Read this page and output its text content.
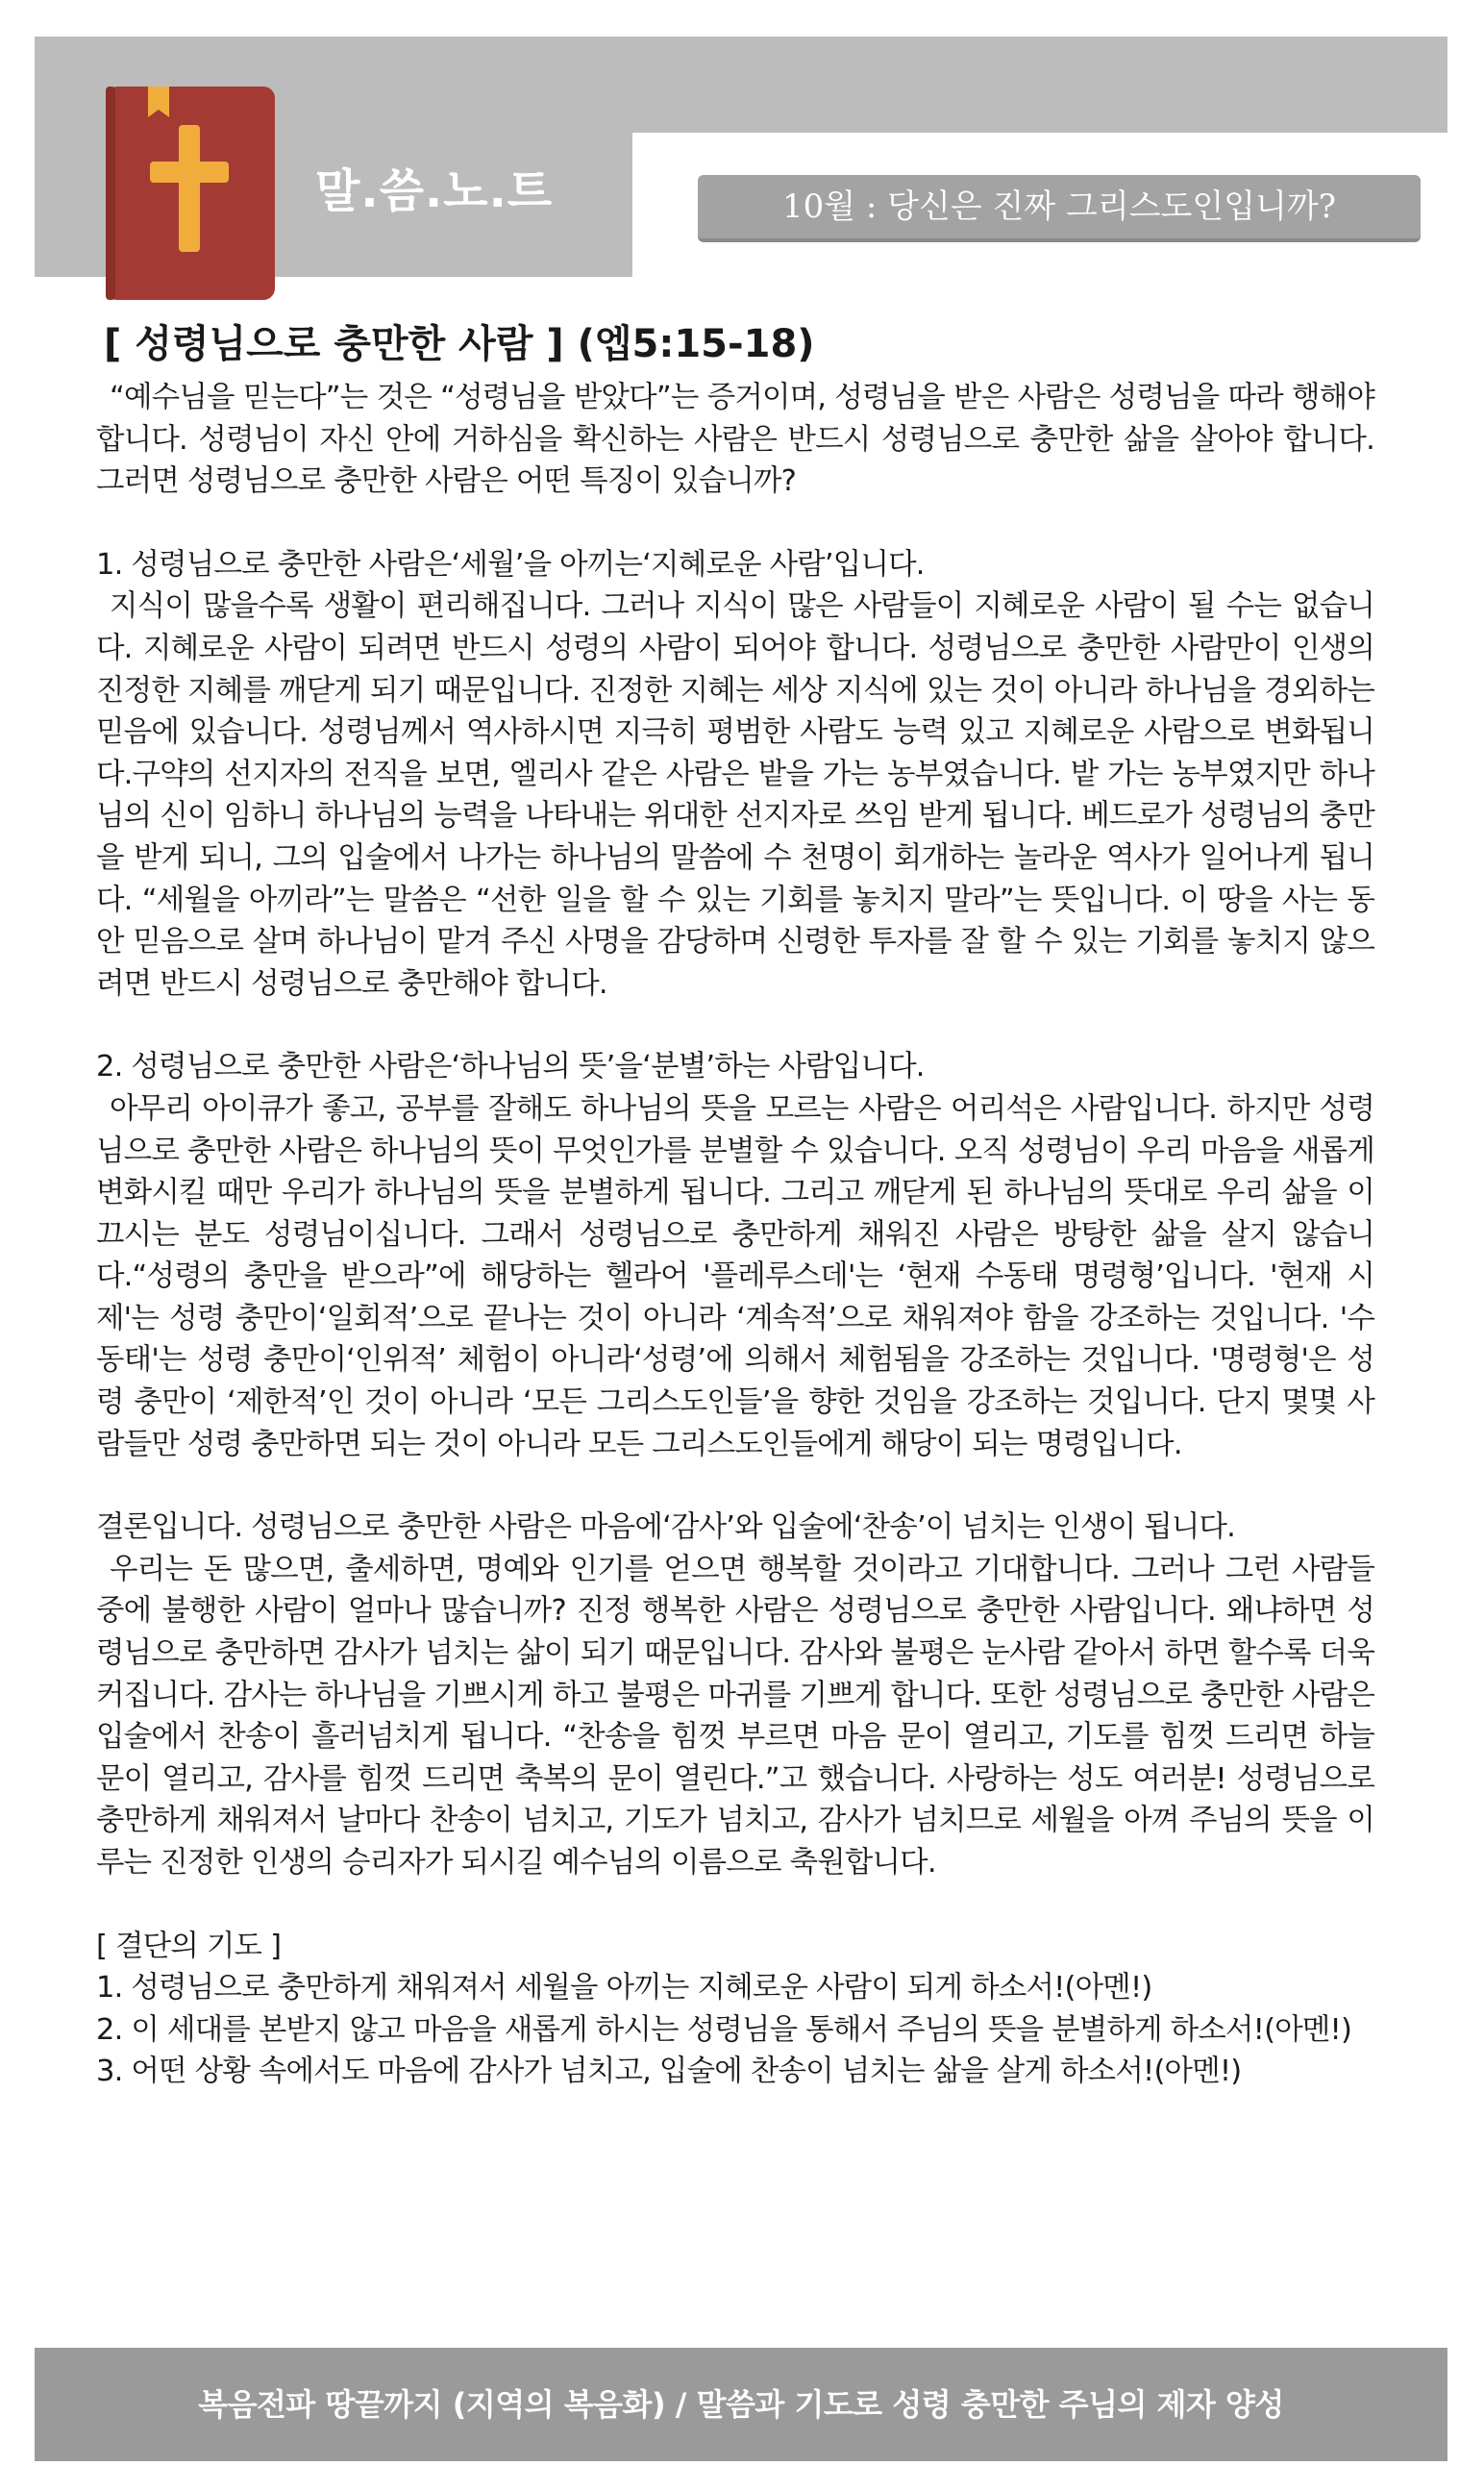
말.씀.노.트	10월 : 당신은 진짜 그리스도인입니까?
[ 성령님으로 충만한 사람 ] (엡5:15-18)

“예수님을 믿는다”는 것은 “성령님을 받았다”는 증거이며, 성령님을 받은 사람은 성령님을 따라 행해야 합니다. 성령님이 자신 안에 거하심을 확신하는 사람은 반드시 성령님으로 충만한 삶을 살아야 합니다. 그러면 성령님으로 충만한 사람은 어떤 특징이 있습니까?

1. 성령님으로 충만한 사람은‘세월’을 아끼는‘지혜로운 사람’입니다.

지식이 많을수록 생활이 편리해집니다. 그러나 지식이 많은 사람들이 지혜로운 사람이 될 수는 없습니다. 지혜로운 사람이 되려면 반드시 성령의 사람이 되어야 합니다. 성령님으로 충만한 사람만이 인생의 진정한 지혜를 깨닫게 되기 때문입니다. 진정한 지혜는 세상 지식에 있는 것이 아니라 하나님을 경외하는 믿음에 있습니다. 성령님께서 역사하시면 지극히 평범한 사람도 능력 있고 지혜로운 사람으로 변화됩니다.구약의 선지자의 전직을 보면, 엘리사 같은 사람은 밭을 가는 농부였습니다. 밭 가는 농부였지만 하나님의 신이 임하니 하나님의 능력을 나타내는 위대한 선지자로 쓰임 받게 됩니다. 베드로가 성령님의 충만을 받게 되니, 그의 입술에서 나가는 하나님의 말씀에 수 천명이 회개하는 놀라운 역사가 일어나게 됩니다. “세월을 아끼라”는 말씀은 “선한 일을 할 수 있는 기회를 놓치지 말라”는 뜻입니다. 이 땅을 사는 동안 믿음으로 살며 하나님이 맡겨 주신 사명을 감당하며 신령한 투자를 잘 할 수 있는 기회를 놓치지 않으려면 반드시 성령님으로 충만해야 합니다.

2. 성령님으로 충만한 사람은‘하나님의 뜻’을‘분별’하는 사람입니다.

아무리 아이큐가 좋고, 공부를 잘해도 하나님의 뜻을 모르는 사람은 어리석은 사람입니다. 하지만 성령님으로 충만한 사람은 하나님의 뜻이 무엇인가를 분별할 수 있습니다. 오직 성령님이 우리 마음을 새롭게 변화시킬 때만 우리가 하나님의 뜻을 분별하게 됩니다. 그리고 깨닫게 된 하나님의 뜻대로 우리 삶을 이끄시는 분도 성령님이십니다. 그래서 성령님으로 충만하게 채워진 사람은 방탕한 삶을 살지 않습니다.“성령의 충만을 받으라”에 해당하는 헬라어 '플레루스데'는 ‘현재 수동태 명령형’입니다. '현재 시제'는 성령 충만이‘일회적’으로 끝나는 것이 아니라 ‘계속적’으로 채워져야 함을 강조하는 것입니다. '수동태'는 성령 충만이‘인위적’ 체험이 아니라‘성령’에 의해서 체험됨을 강조하는 것입니다. '명령형'은 성령 충만이 ‘제한적’인 것이 아니라 ‘모든 그리스도인들’을 향한 것임을 강조하는 것입니다. 단지 몇몇 사람들만 성령 충만하면 되는 것이 아니라 모든 그리스도인들에게 해당이 되는 명령입니다.

결론입니다. 성령님으로 충만한 사람은 마음에‘감사’와 입술에‘찬송’이 넘치는 인생이 됩니다.

우리는 돈 많으면, 출세하면, 명예와 인기를 얻으면 행복할 것이라고 기대합니다. 그러나 그런 사람들 중에 불행한 사람이 얼마나 많습니까? 진정 행복한 사람은 성령님으로 충만한 사람입니다. 왜냐하면 성령님으로 충만하면 감사가 넘치는 삶이 되기 때문입니다. 감사와 불평은 눈사람 같아서 하면 할수록 더욱 커집니다. 감사는 하나님을 기쁘시게 하고 불평은 마귀를 기쁘게 합니다. 또한 성령님으로 충만한 사람은 입술에서 찬송이 흘러넘치게 됩니다. “찬송을 힘껏 부르면 마음 문이 열리고, 기도를 힘껏 드리면 하늘 문이 열리고, 감사를 힘껏 드리면 축복의 문이 열린다.”고 했습니다. 사랑하는 성도 여러분! 성령님으로 충만하게 채워져서 날마다 찬송이 넘치고, 기도가 넘치고, 감사가 넘치므로 세월을 아껴 주님의 뜻을 이루는 진정한 인생의 승리자가 되시길 예수님의 이름으로 축원합니다.

[ 결단의 기도 ]

1. 성령님으로 충만하게 채워져서 세월을 아끼는 지혜로운 사람이 되게 하소서!(아멘!)

2. 이 세대를 본받지 않고 마음을 새롭게 하시는 성령님을 통해서 주님의 뜻을 분별하게 하소서!(아멘!)

3. 어떤 상황 속에서도 마음에 감사가 넘치고, 입술에 찬송이 넘치는 삶을 살게 하소서!(아멘!)

복음전파 땅끝까지 (지역의 복음화) / 말씀과 기도로 성령 충만한 주님의 제자 양성
